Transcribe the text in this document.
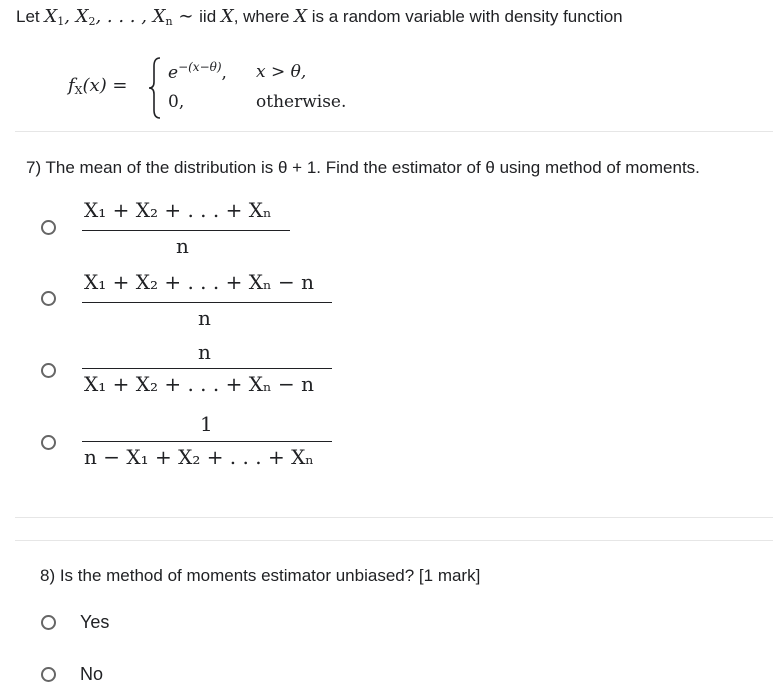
Let $X_1$, $X_2$, . . . , $X_n$ ∼ iid X, where X is a random variable with density function
$f_X(x)$ =
$e^{-(x-\theta)}$, x > θ,
0,	otherwise.
7) The mean of the distribution is θ + 1. Find the estimator of θ using method of moments.
X₁ + X₂ + . . . + Xₙ
n
X₁ + X₂ + . . . + Xₙ − n
n
n
X₁ + X₂ + . . . + Xₙ − n
1
n − X₁ + X₂ + . . . + Xₙ
8) Is the method of moments estimator unbiased? [1 mark]
Yes
No
